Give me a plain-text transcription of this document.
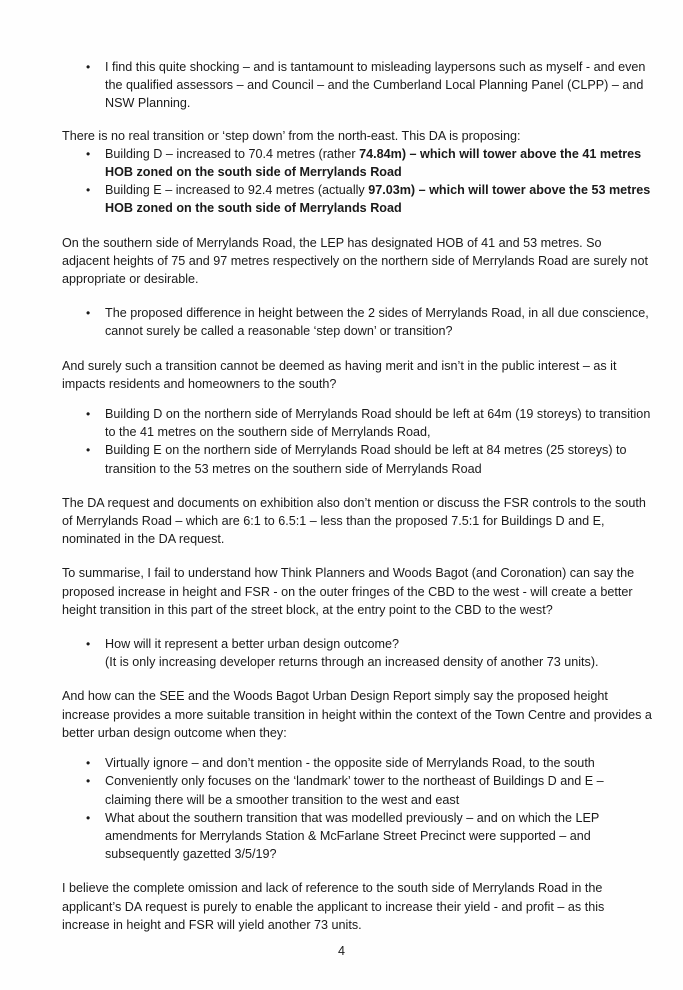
• I find this quite shocking – and is tantamount to misleading laypersons such as myself - and even the qualified assessors – and Council – and the Cumberland Local Planning Panel (CLPP) – and NSW Planning.

There is no real transition or ‘step down’ from the north-east. This DA is proposing:

• Building D – increased to 70.4 metres (rather 74.84m) – which will tower above the 41 metres HOB zoned on the south side of Merrylands Road
• Building E – increased to 92.4 metres (actually 97.03m) – which will tower above the 53 metres HOB zoned on the south side of Merrylands Road

On the southern side of Merrylands Road, the LEP has designated HOB of 41 and 53 metres. So adjacent heights of 75 and 97 metres respectively on the northern side of Merrylands Road are surely not appropriate or desirable.

• The proposed difference in height between the 2 sides of Merrylands Road, in all due conscience, cannot surely be called a reasonable ‘step down’ or transition?

And surely such a transition cannot be deemed as having merit and isn’t in the public interest – as it impacts residents and homeowners to the south?

• Building D on the northern side of Merrylands Road should be left at 64m (19 storeys) to transition to the 41 metres on the southern side of Merrylands Road,
• Building E on the northern side of Merrylands Road should be left at 84 metres (25 storeys) to transition to the 53 metres on the southern side of Merrylands Road

The DA request and documents on exhibition also don’t mention or discuss the FSR controls to the south of Merrylands Road – which are 6:1 to 6.5:1 – less than the proposed 7.5:1 for Buildings D and E, nominated in the DA request.

To summarise, I fail to understand how Think Planners and Woods Bagot (and Coronation) can say the proposed increase in height and FSR - on the outer fringes of the CBD to the west - will create a better height transition in this part of the street block, at the entry point to the CBD to the west?

• How will it represent a better urban design outcome?
(It is only increasing developer returns through an increased density of another 73 units).

And how can the SEE and the Woods Bagot Urban Design Report simply say the proposed height increase provides a more suitable transition in height within the context of the Town Centre and provides a better urban design outcome when they:

• Virtually ignore – and don’t mention - the opposite side of Merrylands Road, to the south
• Conveniently only focuses on the ‘landmark’ tower to the northeast of Buildings D and E – claiming there will be a smoother transition to the west and east
• What about the southern transition that was modelled previously – and on which the LEP amendments for Merrylands Station & McFarlane Street Precinct were supported – and subsequently gazetted 3/5/19?

I believe the complete omission and lack of reference to the south side of Merrylands Road in the applicant’s DA request is purely to enable the applicant to increase their yield - and profit – as this increase in height and FSR will yield another 73 units.

4
